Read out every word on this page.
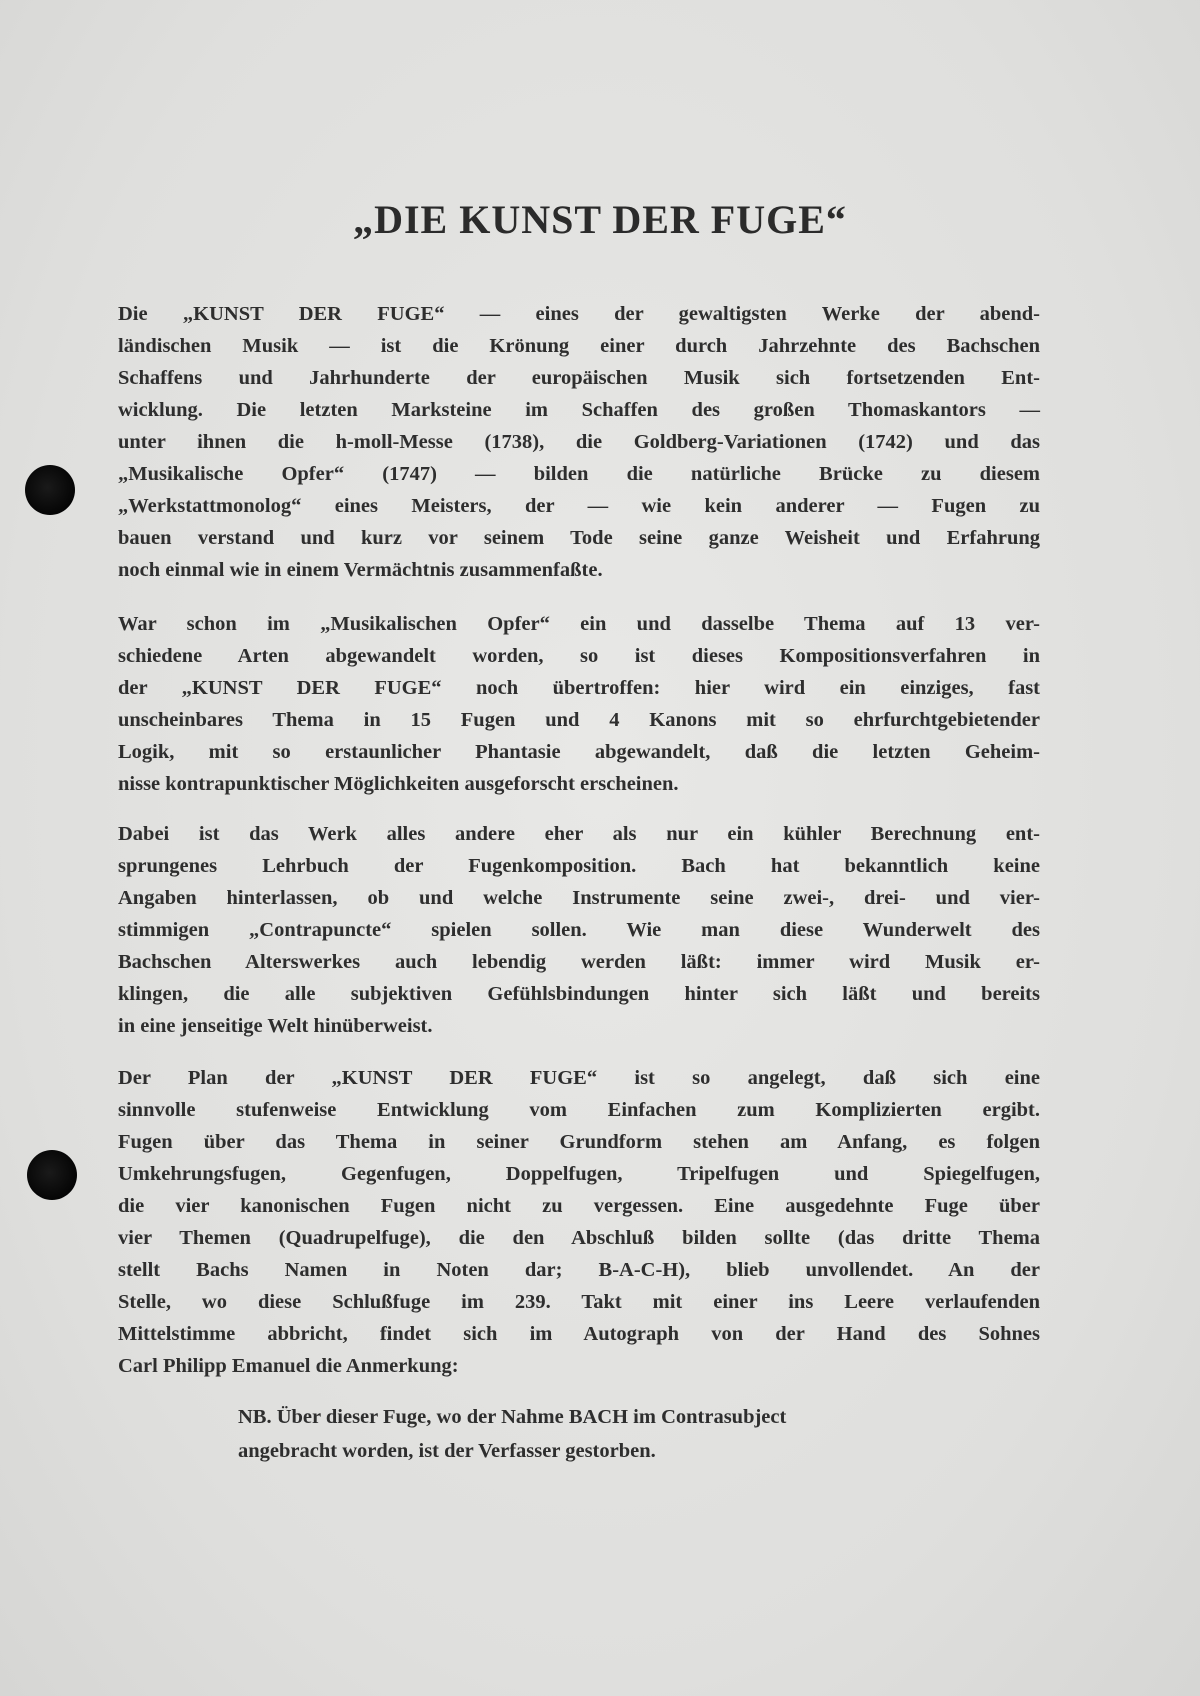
„DIE KUNST DER FUGE“
Die „KUNST DER FUGE“ — eines der gewaltigsten Werke der abend-
ländischen Musik — ist die Krönung einer durch Jahrzehnte des Bachschen
Schaffens und Jahrhunderte der europäischen Musik sich fortsetzenden Ent-
wicklung. Die letzten Marksteine im Schaffen des großen Thomaskantors —
unter ihnen die h-moll-Messe (1738), die Goldberg-Variationen (1742) und das
„Musikalische Opfer“ (1747) — bilden die natürliche Brücke zu diesem
„Werkstattmonolog“ eines Meisters, der — wie kein anderer — Fugen zu
bauen verstand und kurz vor seinem Tode seine ganze Weisheit und Erfahrung
noch einmal wie in einem Vermächtnis zusammenfaßte.
War schon im „Musikalischen Opfer“ ein und dasselbe Thema auf 13 ver-
schiedene Arten abgewandelt worden, so ist dieses Kompositionsverfahren in
der „KUNST DER FUGE“ noch übertroffen: hier wird ein einziges, fast
unscheinbares Thema in 15 Fugen und 4 Kanons mit so ehrfurchtgebietender
Logik, mit so erstaunlicher Phantasie abgewandelt, daß die letzten Geheim-
nisse kontrapunktischer Möglichkeiten ausgeforscht erscheinen.
Dabei ist das Werk alles andere eher als nur ein kühler Berechnung ent-
sprungenes Lehrbuch der Fugenkomposition. Bach hat bekanntlich keine
Angaben hinterlassen, ob und welche Instrumente seine zwei-, drei- und vier-
stimmigen „Contrapuncte“ spielen sollen. Wie man diese Wunderwelt des
Bachschen Alterswerkes auch lebendig werden läßt: immer wird Musik er-
klingen, die alle subjektiven Gefühlsbindungen hinter sich läßt und bereits
in eine jenseitige Welt hinüberweist.
Der Plan der „KUNST DER FUGE“ ist so angelegt, daß sich eine
sinnvolle stufenweise Entwicklung vom Einfachen zum Komplizierten ergibt.
Fugen über das Thema in seiner Grundform stehen am Anfang, es folgen
Umkehrungsfugen, Gegenfugen, Doppelfugen, Tripelfugen und Spiegelfugen,
die vier kanonischen Fugen nicht zu vergessen. Eine ausgedehnte Fuge über
vier Themen (Quadrupelfuge), die den Abschluß bilden sollte (das dritte Thema
stellt Bachs Namen in Noten dar; B-A-C-H), blieb unvollendet. An der
Stelle, wo diese Schlußfuge im 239. Takt mit einer ins Leere verlaufenden
Mittelstimme abbricht, findet sich im Autograph von der Hand des Sohnes
Carl Philipp Emanuel die Anmerkung:
NB. Über dieser Fuge, wo der Nahme BACH im Contrasubject
angebracht worden, ist der Verfasser gestorben.
